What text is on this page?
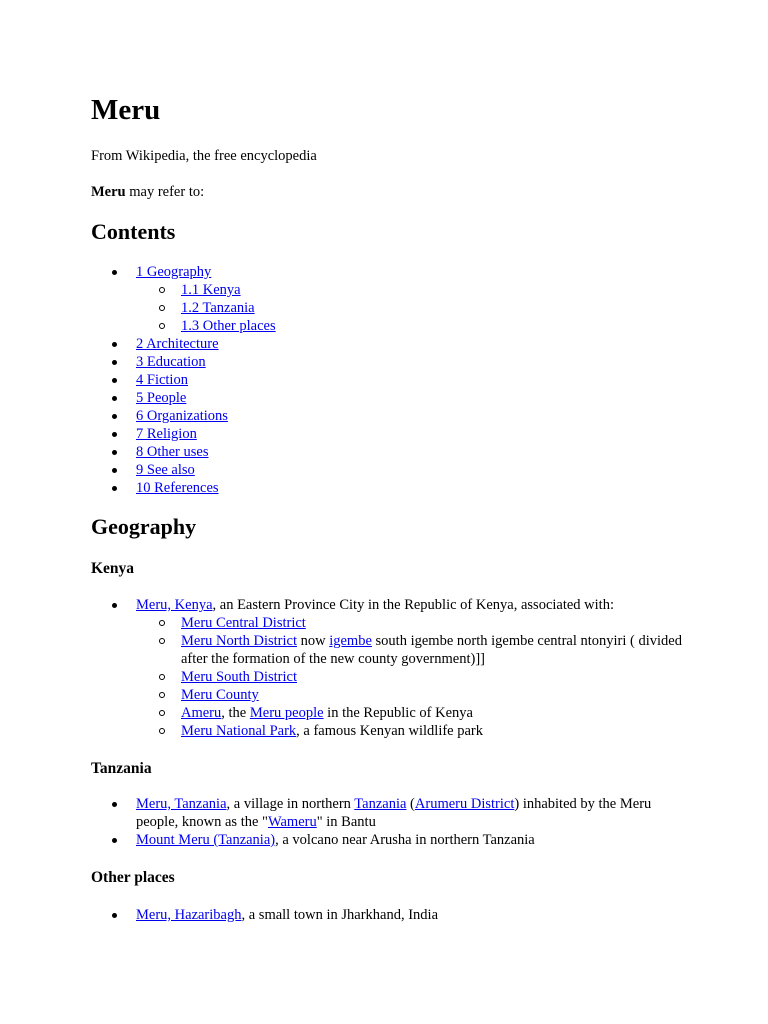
Meru

From Wikipedia, the free encyclopedia

Meru may refer to:

Contents
1 Geography
1.1 Kenya
1.2 Tanzania
1.3 Other places
2 Architecture
3 Education
4 Fiction
5 People
6 Organizations
7 Religion
8 Other uses
9 See also
10 References
Geography
Kenya
Meru, Kenya, an Eastern Province City in the Republic of Kenya, associated with:
Meru Central District
Meru North District now igembe south igembe north igembe central ntonyiri ( divided after the formation of the new county government)]]
Meru South District
Meru County
Ameru, the Meru people in the Republic of Kenya
Meru National Park, a famous Kenyan wildlife park
Tanzania
Meru, Tanzania, a village in northern Tanzania (Arumeru District) inhabited by the Meru people, known as the "Wameru" in Bantu
Mount Meru (Tanzania), a volcano near Arusha in northern Tanzania
Other places
Meru, Hazaribagh, a small town in Jharkhand, India
